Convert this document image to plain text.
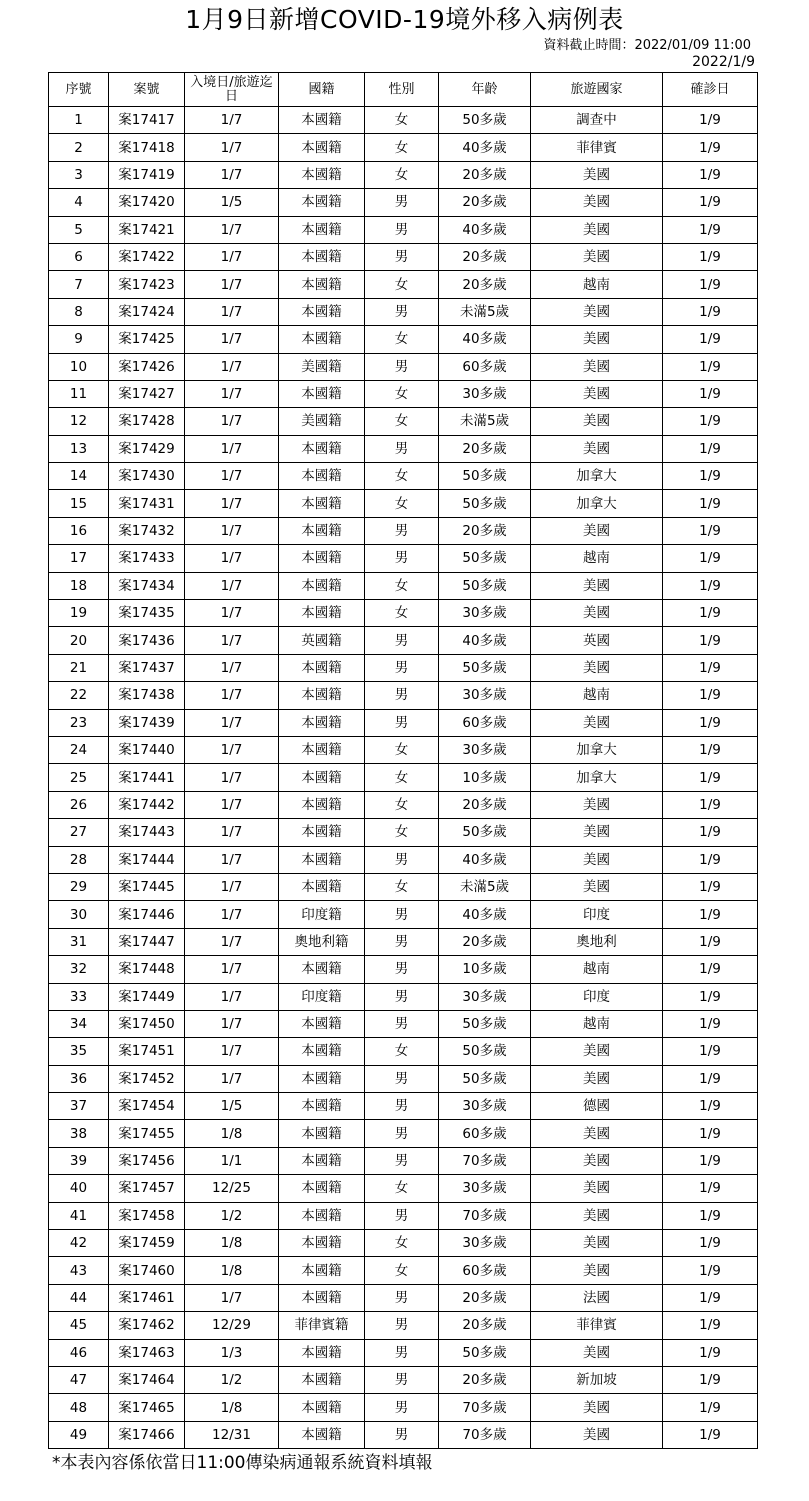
1月9日新增COVID-19境外移入病例表
資料截止時間：2022/01/09 11:00
2022/1/9
序號	案號	入境日/旅遊迄日	國籍	性別	年齡	旅遊國家	確診日
1	案17417	1/7	本國籍	女	50多歲	調查中	1/9
2	案17418	1/7	本國籍	女	40多歲	菲律賓	1/9
3	案17419	1/7	本國籍	女	20多歲	美國	1/9
4	案17420	1/5	本國籍	男	20多歲	美國	1/9
5	案17421	1/7	本國籍	男	40多歲	美國	1/9
6	案17422	1/7	本國籍	男	20多歲	美國	1/9
7	案17423	1/7	本國籍	女	20多歲	越南	1/9
8	案17424	1/7	本國籍	男	未滿5歲	美國	1/9
9	案17425	1/7	本國籍	女	40多歲	美國	1/9
10	案17426	1/7	美國籍	男	60多歲	美國	1/9
11	案17427	1/7	本國籍	女	30多歲	美國	1/9
12	案17428	1/7	美國籍	女	未滿5歲	美國	1/9
13	案17429	1/7	本國籍	男	20多歲	美國	1/9
14	案17430	1/7	本國籍	女	50多歲	加拿大	1/9
15	案17431	1/7	本國籍	女	50多歲	加拿大	1/9
16	案17432	1/7	本國籍	男	20多歲	美國	1/9
17	案17433	1/7	本國籍	男	50多歲	越南	1/9
18	案17434	1/7	本國籍	女	50多歲	美國	1/9
19	案17435	1/7	本國籍	女	30多歲	美國	1/9
20	案17436	1/7	英國籍	男	40多歲	英國	1/9
21	案17437	1/7	本國籍	男	50多歲	美國	1/9
22	案17438	1/7	本國籍	男	30多歲	越南	1/9
23	案17439	1/7	本國籍	男	60多歲	美國	1/9
24	案17440	1/7	本國籍	女	30多歲	加拿大	1/9
25	案17441	1/7	本國籍	女	10多歲	加拿大	1/9
26	案17442	1/7	本國籍	女	20多歲	美國	1/9
27	案17443	1/7	本國籍	女	50多歲	美國	1/9
28	案17444	1/7	本國籍	男	40多歲	美國	1/9
29	案17445	1/7	本國籍	女	未滿5歲	美國	1/9
30	案17446	1/7	印度籍	男	40多歲	印度	1/9
31	案17447	1/7	奧地利籍	男	20多歲	奧地利	1/9
32	案17448	1/7	本國籍	男	10多歲	越南	1/9
33	案17449	1/7	印度籍	男	30多歲	印度	1/9
34	案17450	1/7	本國籍	男	50多歲	越南	1/9
35	案17451	1/7	本國籍	女	50多歲	美國	1/9
36	案17452	1/7	本國籍	男	50多歲	美國	1/9
37	案17454	1/5	本國籍	男	30多歲	德國	1/9
38	案17455	1/8	本國籍	男	60多歲	美國	1/9
39	案17456	1/1	本國籍	男	70多歲	美國	1/9
40	案17457	12/25	本國籍	女	30多歲	美國	1/9
41	案17458	1/2	本國籍	男	70多歲	美國	1/9
42	案17459	1/8	本國籍	女	30多歲	美國	1/9
43	案17460	1/8	本國籍	女	60多歲	美國	1/9
44	案17461	1/7	本國籍	男	20多歲	法國	1/9
45	案17462	12/29	菲律賓籍	男	20多歲	菲律賓	1/9
46	案17463	1/3	本國籍	男	50多歲	美國	1/9
47	案17464	1/2	本國籍	男	20多歲	新加坡	1/9
48	案17465	1/8	本國籍	男	70多歲	美國	1/9
49	案17466	12/31	本國籍	男	70多歲	美國	1/9
*本表內容係依當日11:00傳染病通報系統資料填報
